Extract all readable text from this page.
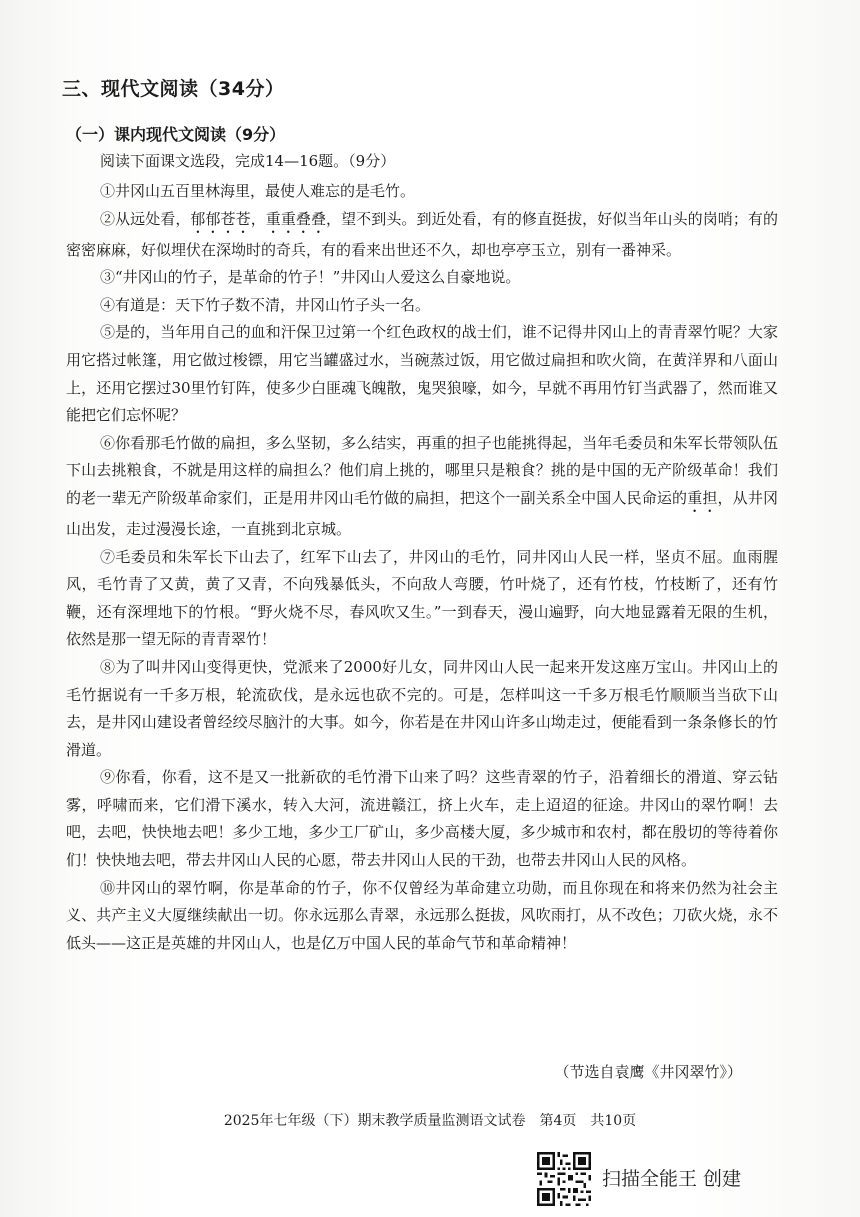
三、现代文阅读（34分）
（一）课内现代文阅读（9分）
阅读下面课文选段，完成14—16题。（9分）

①井冈山五百里林海里，最使人难忘的是毛竹。

②从远处看，郁郁苍苍，重重叠叠，望不到头。到近处看，有的修直挺拔，好似当年山头的岗哨；有的密密麻麻，好似埋伏在深坳时的奇兵，有的看来出世还不久，却也亭亭玉立，别有一番神采。

③“井冈山的竹子，是革命的竹子！”井冈山人爱这么自豪地说。

④有道是：天下竹子数不清，井冈山竹子头一名。

⑤是的，当年用自己的血和汗保卫过第一个红色政权的战士们，谁不记得井冈山上的青青翠竹呢？大家用它搭过帐篷，用它做过梭镖，用它当罐盛过水，当碗蒸过饭，用它做过扁担和吹火筒，在黄洋界和八面山上，还用它摆过30里竹钉阵，使多少白匪魂飞魄散，鬼哭狼嚎，如今，早就不再用竹钉当武器了，然而谁又能把它们忘怀呢？

⑥你看那毛竹做的扁担，多么坚韧，多么结实，再重的担子也能挑得起，当年毛委员和朱军长带领队伍下山去挑粮食，不就是用这样的扁担么？他们肩上挑的，哪里只是粮食？挑的是中国的无产阶级革命！我们的老一辈无产阶级革命家们，正是用井冈山毛竹做的扁担，把这个一副关系全中国人民命运的重担，从井冈山出发，走过漫漫长途，一直挑到北京城。

⑦毛委员和朱军长下山去了，红军下山去了，井冈山的毛竹，同井冈山人民一样，坚贞不屈。血雨腥风，毛竹青了又黄，黄了又青，不向残暴低头，不向敌人弯腰，竹叶烧了，还有竹枝，竹枝断了，还有竹鞭，还有深埋地下的竹根。“野火烧不尽，春风吹又生。”一到春天，漫山遍野，向大地显露着无限的生机，依然是那一望无际的青青翠竹！

⑧为了叫井冈山变得更快，党派来了2000好儿女，同井冈山人民一起来开发这座万宝山。井冈山上的毛竹据说有一千多万根，轮流砍伐，是永远也砍不完的。可是，怎样叫这一千多万根毛竹顺顺当当砍下山去，是井冈山建设者曾经绞尽脑汁的大事。如今，你若是在井冈山许多山坳走过，便能看到一条条修长的竹滑道。

⑨你看，你看，这不是又一批新砍的毛竹滑下山来了吗？这些青翠的竹子，沿着细长的滑道、穿云钻雾，呼啸而来，它们滑下溪水，转入大河，流进赣江，挤上火车，走上迢迢的征途。井冈山的翠竹啊！去吧，去吧，快快地去吧！多少工地，多少工厂矿山，多少高楼大厦，多少城市和农村，都在殷切的等待着你们！快快地去吧，带去井冈山人民的心愿，带去井冈山人民的干劲，也带去井冈山人民的风格。

⑩井冈山的翠竹啊，你是革命的竹子，你不仅曾经为革命建立功勋，而且你现在和将来仍然为社会主义、共产主义大厦继续献出一切。你永远那么青翠，永远那么挺拔，风吹雨打，从不改色；刀砍火烧，永不低头——这正是英雄的井冈山人，也是亿万中国人民的革命气节和革命精神！

（节选自袁鹰《井冈翠竹》）
2025年七年级（下）期末教学质量监测语文试卷　第4页　共10页
扫描全能王 创建
